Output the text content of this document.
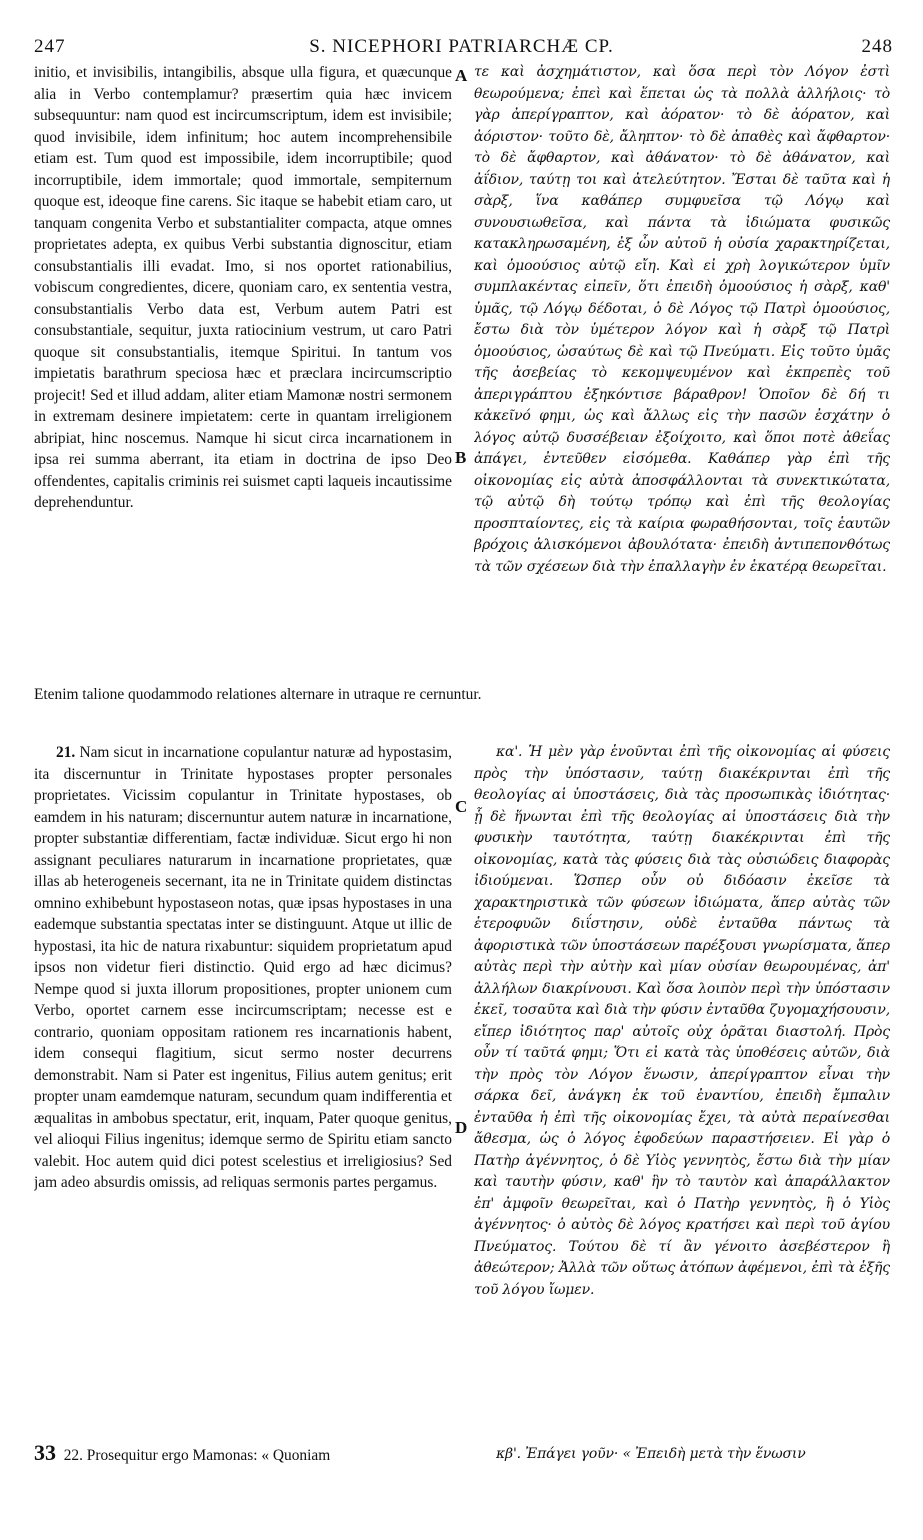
247	S. NICEPHORI PATRIARCHÆ CP.	248

initio, et invisibilis, intangibilis, absque ulla figura, et quæcunque alia in Verbo contemplamur? præsertim quia hæc invicem subsequuntur: nam quod est incircumscriptum, idem est invisibile; quod invisibile, idem infinitum; hoc autem incomprehensibile etiam est. Tum quod est impossibile, idem incorruptibile; quod incorruptibile, idem immortale; quod immortale, sempiternum quoque est, ideoque fine carens. Sic itaque se habebit etiam caro, ut tanquam congenita Verbo et substantialiter compacta, atque omnes proprietates adepta, ex quibus Verbi substantia dignoscitur, etiam consubstantialis illi evadat. Imo, si nos oportet rationabilius, vobiscum congredientes, dicere, quoniam caro, ex sententia vestra, consubstantialis Verbo data est, Verbum autem Patri est consubstantiale, sequitur, juxta ratiocinium vestrum, ut caro Patri quoque sit consubstantialis, itemque Spiritui. In tantum vos impietatis barathrum speciosa hæc et præclara incircumscriptio projecit! Sed et illud addam, aliter etiam Mamonæ nostri sermonem in extremam desinere impietatem: certe in quantam irreligionem abripiat, hinc noscemus. Namque hi sicut circa incarnationem in ipsa rei summa aberrant, ita etiam in doctrina de ipso Deo offendentes, capitalis criminis rei suismet capti laqueis incautissime deprehenduntur.

τε καὶ ἀσχημάτιστον, καὶ ὅσα περὶ τὸν Λόγον ἐστὶ θεωρούμενα; ἐπεὶ καὶ ἕπεται ὡς τὰ πολλὰ ἀλλήλοις· τὸ γὰρ ἀπερίγραπτον, καὶ ἀόρατον· τὸ δὲ ἀόρατον, καὶ ἀόριστον· τοῦτο δὲ, ἄληπτον· τὸ δὲ ἀπαθὲς καὶ ἄφθαρτον· τὸ δὲ ἄφθαρτον, καὶ ἀθάνατον· τὸ δὲ ἀθάνατον, καὶ ἀΐδιον, ταύτῃ τοι καὶ ἀτελεύτητον. Ἔσται δὲ ταῦτα καὶ ἡ σὰρξ, ἵνα καθάπερ συμφυεῖσα τῷ Λόγῳ καὶ συνουσιωθεῖσα, καὶ πάντα τὰ ἰδιώματα φυσικῶς κατακληρωσαμένη, ἐξ ὧν αὐτοῦ ἡ οὐσία χαρακτηρίζεται, καὶ ὁμοούσιος αὐτῷ εἴη. Καὶ εἰ χρὴ λογικώτερον ὑμῖν συμπλακέντας εἰπεῖν, ὅτι ἐπειδὴ ὁμοούσιος ἡ σὰρξ, καθ' ὑμᾶς, τῷ Λόγῳ δέδοται, ὁ δὲ Λόγος τῷ Πατρὶ ὁμοούσιος, ἔστω διὰ τὸν ὑμέτερον λόγον καὶ ἡ σὰρξ τῷ Πατρὶ ὁμοούσιος, ὡσαύτως δὲ καὶ τῷ Πνεύματι. Εἰς τοῦτο ὑμᾶς τῆς ἀσεβείας τὸ κεκομψευμένον καὶ ἐκπρεπὲς τοῦ ἀπεριγράπτου ἐξηκόντισε βάραθρον! Ὁποῖον δὲ δή τι κἀκεῖνό φημι, ὡς καὶ ἄλλως εἰς τὴν πασῶν ἐσχάτην ὁ λόγος αὐτῷ δυσσέβειαν ἐξοίχοιτο, καὶ ὅποι ποτὲ ἀθεΐας ἀπάγει, ἐντεῦθεν εἰσόμεθα. Καθάπερ γὰρ ἐπὶ τῆς οἰκονομίας εἰς αὐτὰ ἀποσφάλλονται τὰ συνεκτικώτατα, τῷ αὐτῷ δὴ τούτῳ τρόπῳ καὶ ἐπὶ τῆς θεολογίας προσπταίοντες, εἰς τὰ καίρια φωραθήσονται, τοῖς ἑαυτῶν βρόχοις ἁλισκόμενοι ἀβουλότατα· ἐπειδὴ ἀντιπεπονθότως τὰ τῶν σχέσεων διὰ τὴν ἐπαλλαγὴν ἐν ἑκατέρᾳ θεωρεῖται.

Etenim talione quodammodo relationes alternare in utraque re cernuntur.

A
B
C
D

21. Nam sicut in incarnatione copulantur naturæ ad hypostasim, ita discernuntur in Trinitate hypostases propter personales proprietates. Vicissim copulantur in Trinitate hypostases, ob eamdem in his naturam; discernuntur autem naturæ in incarnatione, propter substantiæ differentiam, factæ individuæ. Sicut ergo hi non assignant peculiares naturarum in incarnatione proprietates, quæ illas ab heterogeneis secernant, ita ne in Trinitate quidem distinctas omnino exhibebunt hypostaseon notas, quæ ipsas hypostases in una eademque substantia spectatas inter se distinguunt. Atque ut illic de hypostasi, ita hic de natura rixabuntur: siquidem proprietatum apud ipsos non videtur fieri distinctio. Quid ergo ad hæc dicimus? Nempe quod si juxta illorum propositiones, propter unionem cum Verbo, oportet carnem esse incircumscriptam; necesse est e contrario, quoniam oppositam rationem res incarnationis habent, idem consequi flagitium, sicut sermo noster decurrens demonstrabit. Nam si Pater est ingenitus, Filius autem genitus; erit propter unam eamdemque naturam, secundum quam indifferentia et æqualitas in ambobus spectatur, erit, inquam, Pater quoque genitus, vel alioqui Filius ingenitus; idemque sermo de Spiritu etiam sancto valebit. Hoc autem quid dici potest scelestius et irreligiosius? Sed jam adeo absurdis omissis, ad reliquas sermonis partes pergamus.

κα'. Ἡ μὲν γὰρ ἑνοῦνται ἐπὶ τῆς οἰκονομίας αἱ φύσεις πρὸς τὴν ὑπόστασιν, ταύτῃ διακέκρινται ἐπὶ τῆς θεολογίας αἱ ὑποστάσεις, διὰ τὰς προσωπικὰς ἰδιότητας· ᾗ δὲ ἥνωνται ἐπὶ τῆς θεολογίας αἱ ὑποστάσεις διὰ τὴν φυσικὴν ταυτότητα, ταύτῃ διακέκρινται ἐπὶ τῆς οἰκονομίας, κατὰ τὰς φύσεις διὰ τὰς οὐσιώδεις διαφορὰς ἰδιούμεναι. Ὥσπερ οὖν οὐ διδόασιν ἐκεῖσε τὰ χαρακτηριστικὰ τῶν φύσεων ἰδιώματα, ἅπερ αὐτὰς τῶν ἑτεροφυῶν διΐστησιν, οὐδὲ ἐνταῦθα πάντως τὰ ἀφοριστικὰ τῶν ὑποστάσεων παρέξουσι γνωρίσματα, ἅπερ αὐτὰς περὶ τὴν αὐτὴν καὶ μίαν οὐσίαν θεωρουμένας, ἀπ' ἀλλήλων διακρίνουσι. Καὶ ὅσα λοιπὸν περὶ τὴν ὑπόστασιν ἐκεῖ, τοσαῦτα καὶ διὰ τὴν φύσιν ἐνταῦθα ζυγομαχήσουσιν, εἴπερ ἰδιότητος παρ' αὐτοῖς οὐχ ὁρᾶται διαστολή. Πρὸς οὖν τί ταῦτά φημι; Ὅτι εἰ κατὰ τὰς ὑποθέσεις αὐτῶν, διὰ τὴν πρὸς τὸν Λόγον ἕνωσιν, ἀπερίγραπτον εἶναι τὴν σάρκα δεῖ, ἀνάγκη ἐκ τοῦ ἐναντίου, ἐπειδὴ ἔμπαλιν ἐνταῦθα ἡ ἐπὶ τῆς οἰκονομίας ἔχει, τὰ αὐτὰ περαίνεσθαι ἄθεσμα, ὡς ὁ λόγος ἐφοδεύων παραστήσειεν. Εἰ γὰρ ὁ Πατὴρ ἀγέννητος, ὁ δὲ Υἱὸς γεννητὸς, ἔστω διὰ τὴν μίαν καὶ ταυτὴν φύσιν, καθ' ἣν τὸ ταυτὸν καὶ ἀπαράλλακτον ἐπ' ἀμφοῖν θεωρεῖται, καὶ ὁ Πατὴρ γεννητὸς, ἢ ὁ Υἱὸς ἀγέννητος· ὁ αὐτὸς δὲ λόγος κρατήσει καὶ περὶ τοῦ ἁγίου Πνεύματος. Τούτου δὲ τί ἂν γένοιτο ἀσεβέστερον ἢ ἀθεώτερον; Ἀλλὰ τῶν οὕτως ἀτόπων ἀφέμενοι, ἐπὶ τὰ ἑξῆς τοῦ λόγου ἴωμεν.

33 22. Prosequitur ergo Mamonas: « Quoniam	κβ'. Ἐπάγει γοῦν· « Ἐπειδὴ μετὰ τὴν ἕνωσιν
